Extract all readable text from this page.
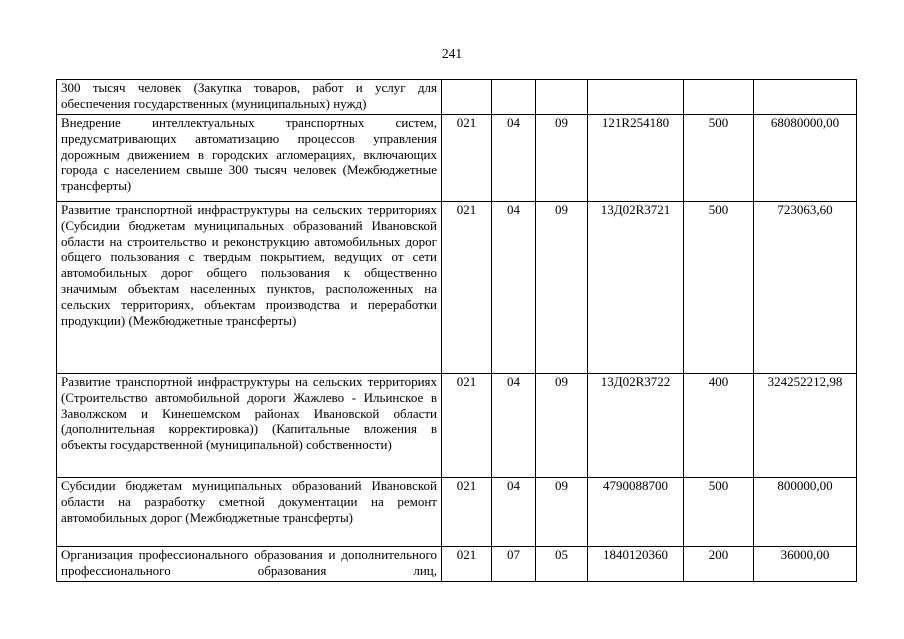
241
300 тысяч человек (Закупка товаров, работ и услуг для обеспечения государственных (муниципальных) нужд)						
Внедрение интеллектуальных транспортных систем, предусматривающих автоматизацию процессов управления дорожным движением в городских агломерациях, включающих города с населением свыше 300 тысяч человек (Межбюджетные трансферты)	021	04	09	121R254180	500	68080000,00
Развитие транспортной инфраструктуры на сельских территориях (Субсидии бюджетам муниципальных образований Ивановской области на строительство и реконструкцию автомобильных дорог общего пользования с твердым покрытием, ведущих от сети автомобильных дорог общего пользования к общественно значимым объектам населенных пунктов, расположенных на сельских территориях, объектам производства и переработки продукции) (Межбюджетные трансферты)	021	04	09	13Д02R3721	500	723063,60
Развитие транспортной инфраструктуры на сельских территориях (Строительство автомобильной дороги Жажлево - Ильинское в Заволжском и Кинешемском районах Ивановской области (дополнительная корректировка)) (Капитальные вложения в объекты государственной (муниципальной) собственности)	021	04	09	13Д02R3722	400	324252212,98
Субсидии бюджетам муниципальных образований Ивановской области на разработку сметной документации на ремонт автомобильных дорог (Межбюджетные трансферты)	021	04	09	4790088700	500	800000,00
Организация профессионального образования и дополнительного профессионального образования лиц,	021	07	05	1840120360	200	36000,00
